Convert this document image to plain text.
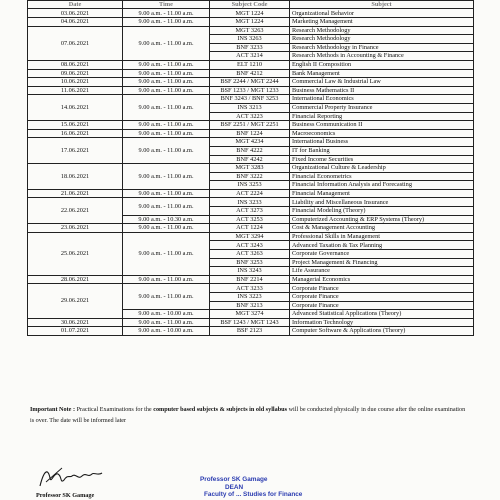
Date	Time	Subject Code	Subject
03.06.2021	9.00 a.m. - 11.00 a.m.	MGT 1224	Organizational Behavior
04.06.2021	9.00 a.m. - 11.00 a.m.	MGT 1224	Marketing Management
07.06.2021	9.00 a.m. - 11.00 a.m.	MGT 3263	Research Methodology
		INS 3263	Research Methodology
		BNF 3233	Research Methodology in Finance
		ACT 3214	Research Methods in Accounting & Finance
08.06.2021	9.00 a.m. - 11.00 a.m.	ELT 1210	English II Composition
09.06.2021	9.00 a.m. - 11.00 a.m.	BNF 4212	Bank Management
10.06.2021	9.00 a.m. - 11.00 a.m.	BSF 2244 / MGT 2244	Commercial Law & Industrial Law
11.06.2021	9.00 a.m. - 11.00 a.m.	BSF 1233 / MGT 1233	Business Mathematics II
14.06.2021	9.00 a.m. - 11.00 a.m.	BNF 3243 / BNF 3253	International Economics
		INS 3213	Commercial Property Insurance
		ACT 3223	Financial Reporting
15.06.2021	9.00 a.m. - 11.00 a.m.	BSF 2251 / MGT 2251	Business Communication II
16.06.2021	9.00 a.m. - 11.00 a.m.	BNF 1224	Macroeconomics
17.06.2021	9.00 a.m. - 11.00 a.m.	MGT 4234	International Business
		BNF 4222	IT for Banking
		BNF 4242	Fixed Income Securities
18.06.2021	9.00 a.m. - 11.00 a.m.	MGT 3283	Organizational Culture & Leadership
		BNF 3222	Financial Econometrics
		INS 3253	Financial Information Analysis and Forecasting
21.06.2021	9.00 a.m. - 11.00 a.m.	ACT 2224	Financial Management
22.06.2021	9.00 a.m. - 11.00 a.m.	INS 3233	Liability and Miscellaneous Insurance
		ACT 3273	Financial Modeling (Theory)
	9.00 a.m. - 10.30 a.m.	ACT 3253	Computerized Accounting & ERP Systems (Theory)
23.06.2021	9.00 a.m. - 11.00 a.m.	ACT 1224	Cost & Management Accounting
25.06.2021	9.00 a.m. - 11.00 a.m.	MGT 3294	Professional Skills in Management
		ACT 3243	Advanced Taxation & Tax Planning
		ACT 3263	Corporate Governance
		BNF 3253	Project Management & Financing
		INS 3243	Life Assurance
28.06.2021	9.00 a.m. - 11.00 a.m.	BNF 2214	Managerial Economics
29.06.2021	9.00 a.m. - 11.00 a.m.	ACT 3233	Corporate Finance
		INS 3223	Corporate Finance
		BNF 3213	Corporate Finance
	9.00 a.m. - 10.00 a.m.	MGT 3274	Advanced Statistical Applications (Theory)
30.06.2021	9.00 a.m. - 11.00 a.m.	BSF 1243 / MGT 1243	Information Technology
01.07.2021	9.00 a.m. - 10.00 a.m.	BSF 2123	Computer Software & Applications (Theory)
Important Note : Practical Examinations for the computer based subjects & subjects in old syllabus will be conducted physically in due course after the online examination is over. The date will be informed later
Professor SK Gamage
Professor SK Gamage
DEAN
Faculty of ... Studies for Finance
